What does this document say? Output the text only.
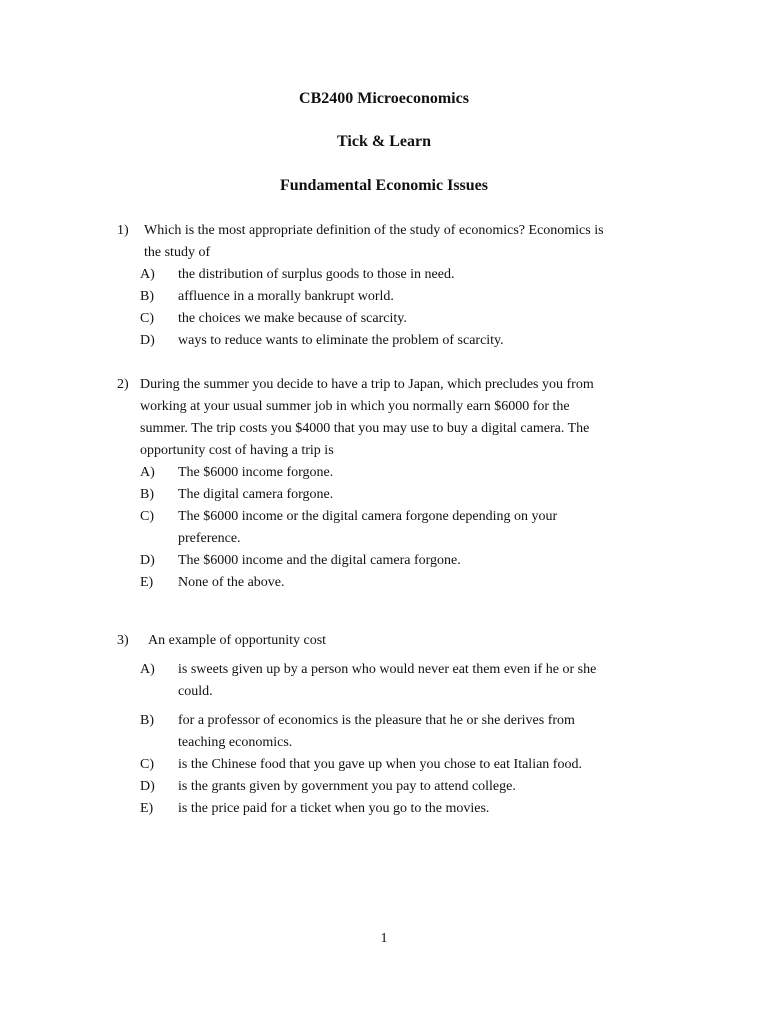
CB2400 Microeconomics
Tick & Learn
Fundamental Economic Issues
1) Which is the most appropriate definition of the study of economics? Economics is
the study of
A) the distribution of surplus goods to those in need.
B) affluence in a morally bankrupt world.
C) the choices we make because of scarcity.
D) ways to reduce wants to eliminate the problem of scarcity.
2) During the summer you decide to have a trip to Japan, which precludes you from
working at your usual summer job in which you normally earn $6000 for the
summer. The trip costs you $4000 that you may use to buy a digital camera. The
opportunity cost of having a trip is
A) The $6000 income forgone.
B) The digital camera forgone.
C) The $6000 income or the digital camera forgone depending on your
preference.
D) The $6000 income and the digital camera forgone.
E) None of the above.
3) An example of opportunity cost
A) is sweets given up by a person who would never eat them even if he or she
could.
B) for a professor of economics is the pleasure that he or she derives from
teaching economics.
C) is the Chinese food that you gave up when you chose to eat Italian food.
D) is the grants given by government you pay to attend college.
E) is the price paid for a ticket when you go to the movies.
1
